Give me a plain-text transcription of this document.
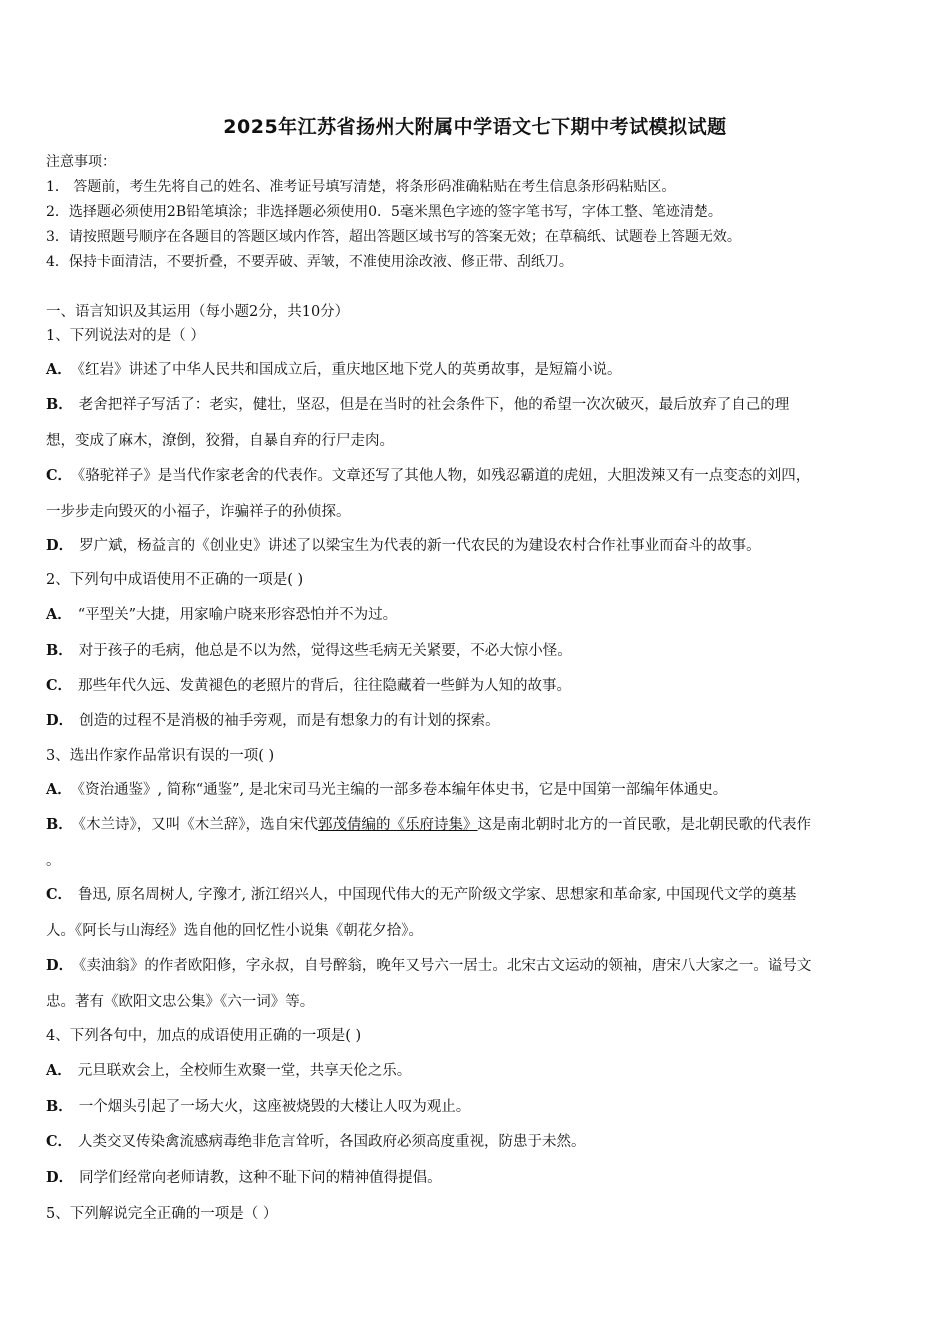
2025年江苏省扬州大附属中学语文七下期中考试模拟试题
注意事项：
1． 答题前，考生先将自己的姓名、准考证号填写清楚，将条形码准确粘贴在考生信息条形码粘贴区。
2．选择题必须使用2B铅笔填涂；非选择题必须使用0．5毫米黑色字迹的签字笔书写，字体工整、笔迹清楚。
3．请按照题号顺序在各题目的答题区域内作答，超出答题区域书写的答案无效；在草稿纸、试题卷上答题无效。
4．保持卡面清洁，不要折叠，不要弄破、弄皱，不准使用涂改液、修正带、刮纸刀。
一、语言知识及其运用（每小题2分，共10分）
1、下列说法对的是（ ）
A． 《红岩》讲述了中华人民共和国成立后，重庆地区地下党人的英勇故事，是短篇小说。
B． 老舍把祥子写活了：老实，健壮，坚忍，但是在当时的社会条件下，他的希望一次次破灭，最后放弃了自己的理
想，变成了麻木，潦倒，狡猾，自暴自弃的行尸走肉。
C． 《骆驼祥子》是当代作家老舍的代表作。文章还写了其他人物，如残忍霸道的虎妞，大胆泼辣又有一点变态的刘四，
一步步走向毁灭的小福子，诈骗祥子的孙侦探。
D． 罗广斌，杨益言的《创业史》讲述了以梁宝生为代表的新一代农民的为建设农村合作社事业而奋斗的故事。
2、下列句中成语使用不正确的一项是( )
A． “平型关”大捷，用家喻户晓来形容恐怕并不为过。
B． 对于孩子的毛病，他总是不以为然，觉得这些毛病无关紧要，不必大惊小怪。
C． 那些年代久远、发黄褪色的老照片的背后，往往隐藏着一些鲜为人知的故事。
D． 创造的过程不是消极的袖手旁观，而是有想象力的有计划的探索。
3、选出作家作品常识有误的一项( )
A． 《资治通鉴》, 简称“通鉴”, 是北宋司马光主编的一部多卷本编年体史书，它是中国第一部编年体通史。
B． 《木兰诗》，又叫《木兰辞》，选自宋代郭茂倩编的《乐府诗集》这是南北朝时北方的一首民歌，是北朝民歌的代表作
。
C． 鲁迅, 原名周树人, 字豫才, 浙江绍兴人，中国现代伟大的无产阶级文学家、思想家和革命家, 中国现代文学的奠基
人。《阿长与山海经》选自他的回忆性小说集《朝花夕拾》。
D． 《卖油翁》的作者欧阳修，字永叔，自号醉翁，晚年又号六一居士。北宋古文运动的领袖，唐宋八大家之一。谥号文
忠。著有《欧阳文忠公集》《六一词》等。
4、下列各句中，加点的成语使用正确的一项是( )
A． 元旦联欢会上，全校师生欢聚一堂，共享天伦之乐。
B． 一个烟头引起了一场大火，这座被烧毁的大楼让人叹为观止。
C． 人类交叉传染禽流感病毒绝非危言耸听，各国政府必须高度重视，防患于未然。
D． 同学们经常向老师请教，这种不耻下问的精神值得提倡。
5、下列解说完全正确的一项是（ ）
